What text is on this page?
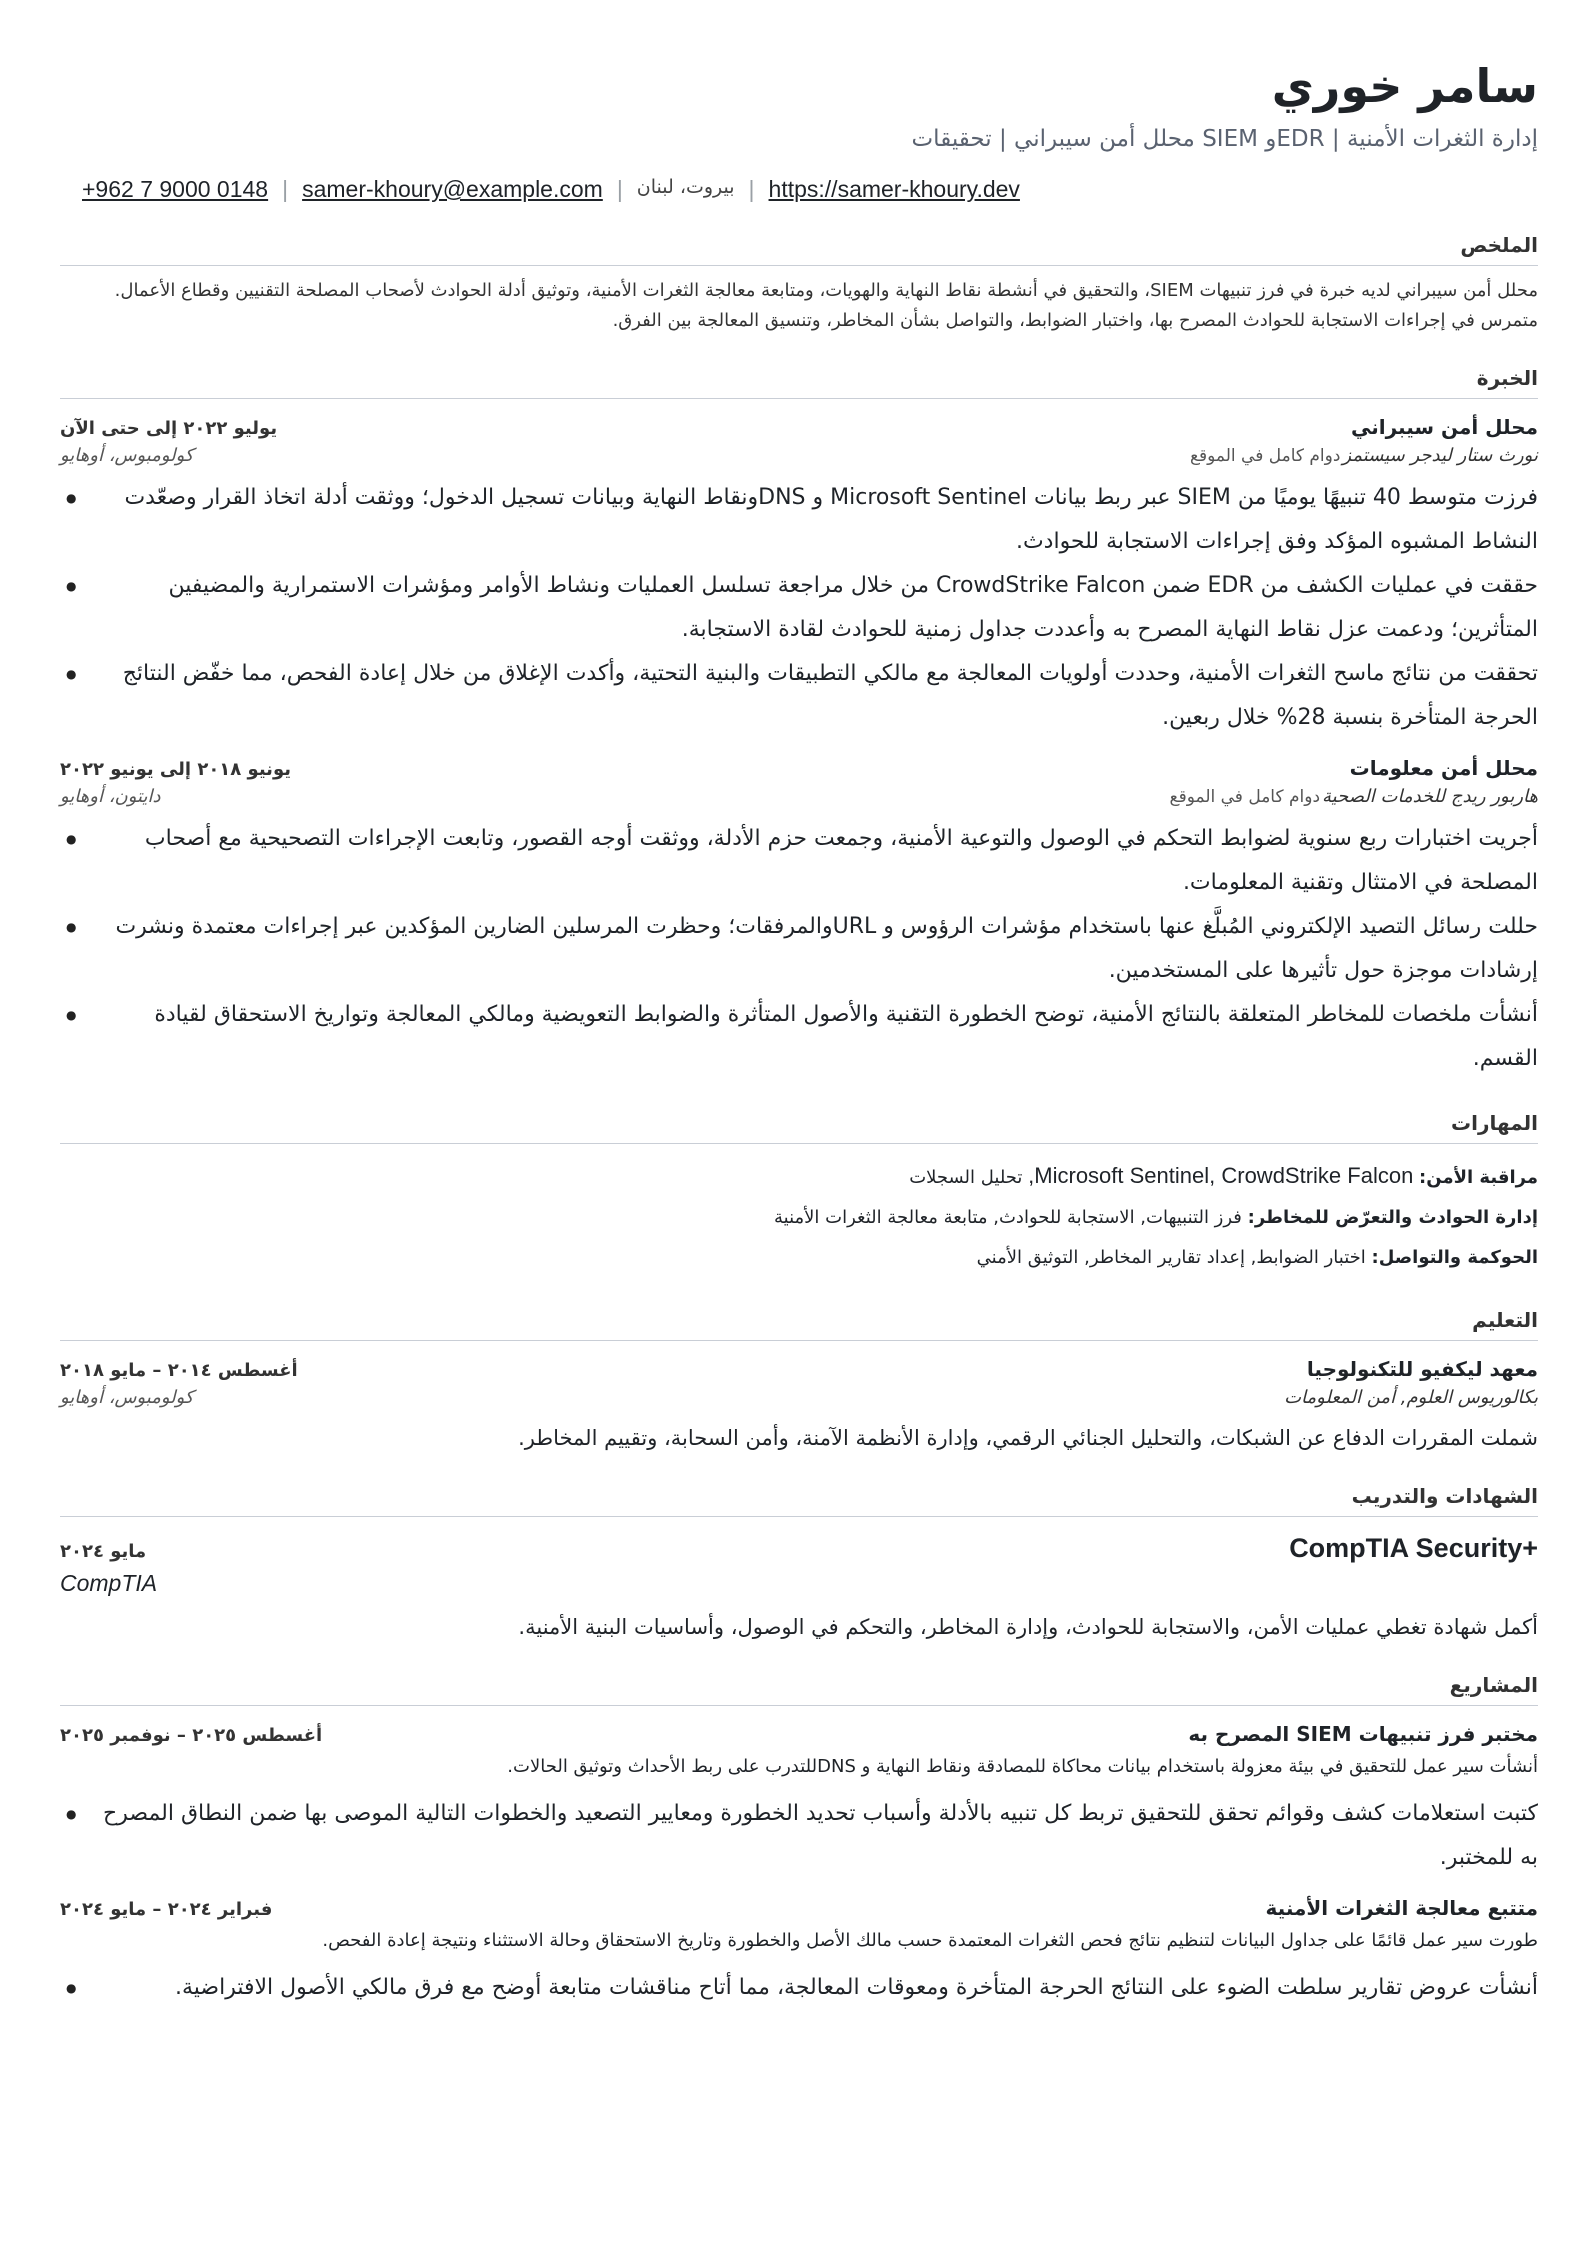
سامر خوري
إدارة الثغرات الأمنية | EDRو SIEM محلل أمن سيبراني | تحقيقات
+962 7 9000 0148 | samer-khoury@example.com | بيروت، لبنان | https://samer-khoury.dev
الملخص
محلل أمن سيبراني لديه خبرة في فرز تنبيهات SIEM، والتحقيق في أنشطة نقاط النهاية والهويات، ومتابعة معالجة الثغرات الأمنية، وتوثيق أدلة الحوادث لأصحاب المصلحة التقنيين وقطاع الأعمال. متمرس في إجراءات الاستجابة للحوادث المصرح بها، واختبار الضوابط، والتواصل بشأن المخاطر، وتنسيق المعالجة بين الفرق.
الخبرة
محلل أمن سيبراني
يوليو ٢٠٢٢ إلى حتى الآن
نورث ستار ليدجر سيستمزدوام كامل في الموقع
كولومبوس، أوهايو
فرزت متوسط 40 تنبيهًا يوميًا من SIEM عبر ربط بيانات Microsoft Sentinel و DNSونقاط النهاية وبيانات تسجيل الدخول؛ ووثقت أدلة اتخاذ القرار وصعّدت النشاط المشبوه المؤكد وفق إجراءات الاستجابة للحوادث. ●
حققت في عمليات الكشف من EDR ضمن CrowdStrike Falcon من خلال مراجعة تسلسل العمليات ونشاط الأوامر ومؤشرات الاستمرارية والمضيفين المتأثرين؛ ودعمت عزل نقاط النهاية المصرح به وأعددت جداول زمنية للحوادث لقادة الاستجابة. ●
تحققت من نتائج ماسح الثغرات الأمنية، وحددت أولويات المعالجة مع مالكي التطبيقات والبنية التحتية، وأكدت الإغلاق من خلال إعادة الفحص، مما خفّض النتائج الحرجة المتأخرة بنسبة 28% خلال ربعين. ●
محلل أمن معلومات
يونيو ٢٠١٨ إلى يونيو ٢٠٢٢
هاربور ريدج للخدمات الصحيةدوام كامل في الموقع
دايتون، أوهايو
أجريت اختبارات ربع سنوية لضوابط التحكم في الوصول والتوعية الأمنية، وجمعت حزم الأدلة، ووثقت أوجه القصور، وتابعت الإجراءات التصحيحية مع أصحاب المصلحة في الامتثال وتقنية المعلومات. ●
حللت رسائل التصيد الإلكتروني المُبلَّغ عنها باستخدام مؤشرات الرؤوس و URLوالمرفقات؛ وحظرت المرسلين الضارين المؤكدين عبر إجراءات معتمدة ونشرت إرشادات موجزة حول تأثيرها على المستخدمين. ●
أنشأت ملخصات للمخاطر المتعلقة بالنتائج الأمنية، توضح الخطورة التقنية والأصول المتأثرة والضوابط التعويضية ومالكي المعالجة وتواريخ الاستحقاق لقيادة القسم. ●
المهارات
مراقبة الأمن: Microsoft Sentinel, CrowdStrike Falcon, تحليل السجلات
إدارة الحوادث والتعرّض للمخاطر: فرز التنبيهات, الاستجابة للحوادث, متابعة معالجة الثغرات الأمنية
الحوكمة والتواصل: اختبار الضوابط, إعداد تقارير المخاطر, التوثيق الأمني
التعليم
معهد ليكفيو للتكنولوجيا
أغسطس ٢٠١٤ – مايو ٢٠١٨
بكالوريوس العلوم, أمن المعلومات
كولومبوس، أوهايو
شملت المقررات الدفاع عن الشبكات، والتحليل الجنائي الرقمي، وإدارة الأنظمة الآمنة، وأمن السحابة، وتقييم المخاطر.
الشهادات والتدريب
CompTIA Security+
مايو ٢٠٢٤
CompTIA
أكمل شهادة تغطي عمليات الأمن، والاستجابة للحوادث، وإدارة المخاطر، والتحكم في الوصول، وأساسيات البنية الأمنية.
المشاريع
مختبر فرز تنبيهات SIEM المصرح به
أغسطس ٢٠٢٥ – نوفمبر ٢٠٢٥
أنشأت سير عمل للتحقيق في بيئة معزولة باستخدام بيانات محاكاة للمصادقة ونقاط النهاية و DNSللتدرب على ربط الأحداث وتوثيق الحالات.
كتبت استعلامات كشف وقوائم تحقق للتحقيق تربط كل تنبيه بالأدلة وأسباب تحديد الخطورة ومعايير التصعيد والخطوات التالية الموصى بها ضمن النطاق المصرح به للمختبر. ●
متتبع معالجة الثغرات الأمنية
فبراير ٢٠٢٤ – مايو ٢٠٢٤
طورت سير عمل قائمًا على جداول البيانات لتنظيم نتائج فحص الثغرات المعتمدة حسب مالك الأصل والخطورة وتاريخ الاستحقاق وحالة الاستثناء ونتيجة إعادة الفحص.
أنشأت عروض تقارير سلطت الضوء على النتائج الحرجة المتأخرة ومعوقات المعالجة، مما أتاح مناقشات متابعة أوضح مع فرق مالكي الأصول الافتراضية. ●
